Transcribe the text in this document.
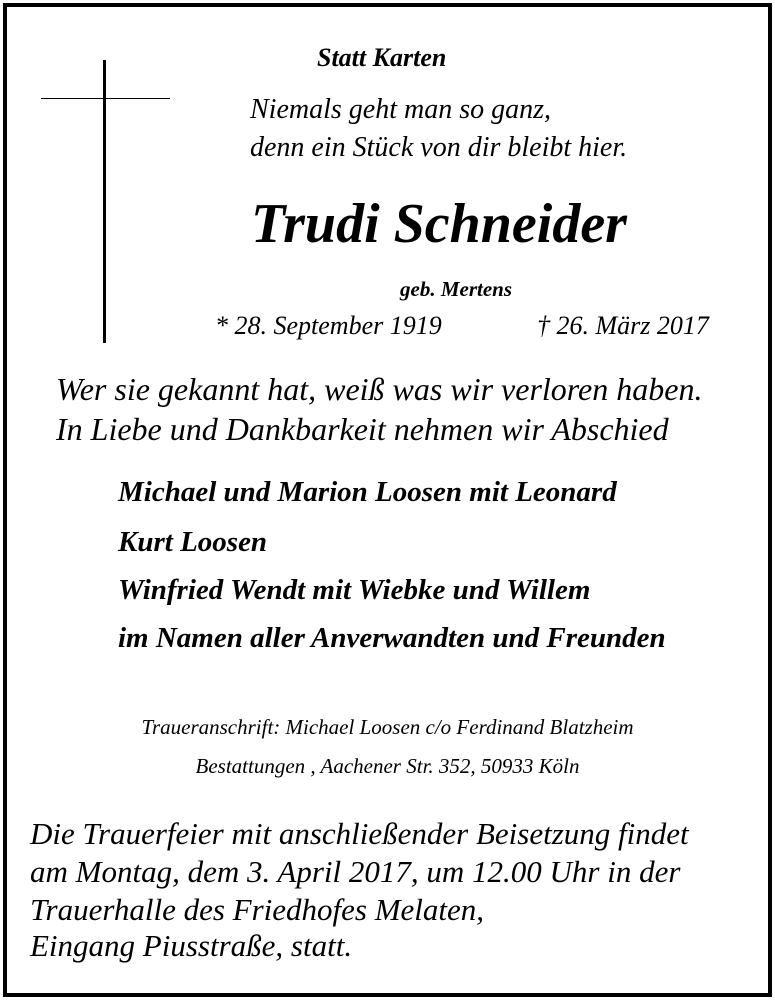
Statt Karten

Niemals geht man so ganz,

denn ein Stück von dir bleibt hier.

Trudi Schneider

geb. Mertens

* 28. September 1919	† 26. März 2017

Wer sie gekannt hat, weiß was wir verloren haben.

In Liebe und Dankbarkeit nehmen wir Abschied

Michael und Marion Loosen mit Leonard

Kurt Loosen

Winfried Wendt mit Wiebke und Willem

im Namen aller Anverwandten und Freunden

Traueranschrift: Michael Loosen c/o Ferdinand Blatzheim

Bestattungen , Aachener Str. 352, 50933 Köln

Die Trauerfeier mit anschließender Beisetzung findet

am Montag, dem 3. April 2017, um 12.00 Uhr in der

Trauerhalle des Friedhofes Melaten,

Eingang Piusstraße, statt.
